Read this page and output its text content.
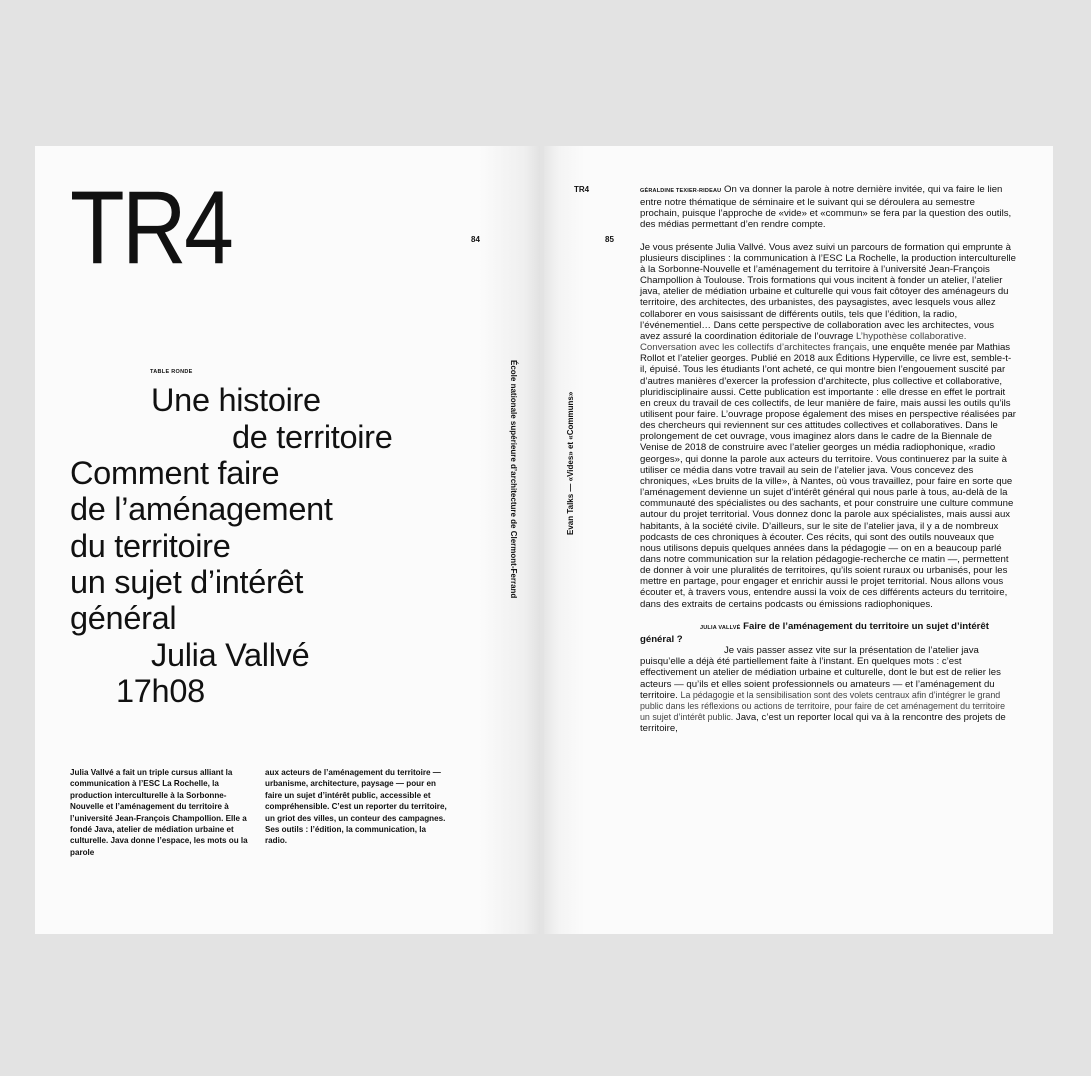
TR4	84
TABLE RONDE
Une histoire
de territoire
Comment faire
de l’aménagement
du territoire
un sujet d’intérêt
général
Julia Vallvé
17h08
École nationale supérieure d’architecture de Clermont-Ferrand
Julia Vallvé a fait un triple cursus alliant la communication à l’ESC La Rochelle, la production interculturelle à la Sorbonne-Nouvelle et l’aménagement du territoire à l’université Jean-François Champollion. Elle a fondé Java, atelier de médiation urbaine et culturelle. Java donne l’espace, les mots ou la parole
aux acteurs de l’aménagement du territoire — urbanisme, architecture, paysage — pour en faire un sujet d’intérêt public, accessible et compréhensible. C’est un reporter du territoire, un griot des villes, un conteur des campagnes. Ses outils : l’édition, la communication, la radio.
TR4
85
Evan Talks — «Vides» et «Communs»

GÉRALDINE TEXIER-RIDEAU On va donner la parole à notre dernière invitée, qui va faire le lien entre notre thématique de séminaire et le suivant qui se déroulera au semestre prochain, puisque l’approche de «vide» et «commun» se fera par la question des outils, des médias permettant d’en rendre compte.

Je vous présente Julia Vallvé. Vous avez suivi un parcours de formation qui emprunte à plusieurs disciplines : la communication à l’ESC La Rochelle, la production interculturelle à la Sorbonne-Nouvelle et l’aménagement du territoire à l’université Jean-François Champollion à Toulouse. Trois formations qui vous incitent à fonder un atelier, l’atelier java, atelier de médiation urbaine et culturelle qui vous fait côtoyer des aménageurs du territoire, des architectes, des urbanistes, des paysagistes, avec lesquels vous allez collaborer en vous saisissant de différents outils, tels que l’édition, la radio, l’événementiel… Dans cette perspective de collaboration avec les architectes, vous avez assuré la coordination éditoriale de l’ouvrage L’hypothèse collaborative. Conversation avec les collectifs d’architectes français, une enquête menée par Mathias Rollot et l’atelier georges. Publié en 2018 aux Éditions Hyperville, ce livre est, semble-t-il, épuisé. Tous les étudiants l’ont acheté, ce qui montre bien l’engouement suscité par d’autres manières d’exercer la profession d’architecte, plus collective et collaborative, pluridisciplinaire aussi. Cette publication est importante : elle dresse en effet le portrait en creux du travail de ces collectifs, de leur manière de faire, mais aussi les outils qu’ils utilisent pour faire. L’ouvrage propose également des mises en perspective réalisées par des chercheurs qui reviennent sur ces attitudes collectives et collaboratives. Dans le prolongement de cet ouvrage, vous imaginez alors dans le cadre de la Biennale de Venise de 2018 de construire avec l’atelier georges un média radiophonique, «radio georges», qui donne la parole aux acteurs du territoire. Vous continuerez par la suite à utiliser ce média dans votre travail au sein de l’atelier java. Vous concevez des chroniques, «Les bruits de la ville», à Nantes, où vous travaillez, pour faire en sorte que l’aménagement devienne un sujet d’intérêt général qui nous parle à tous, au-delà de la communauté des spécialistes ou des sachants, et pour construire une culture commune autour du projet territorial. Vous donnez donc la parole aux spécialistes, mais aussi aux habitants, à la société civile. D’ailleurs, sur le site de l’atelier java, il y a de nombreux podcasts de ces chroniques à écouter. Ces récits, qui sont des outils nouveaux que nous utilisons depuis quelques années dans la pédagogie — on en a beaucoup parlé dans notre communication sur la relation pédagogie-recherche ce matin —, permettent de donner à voir une pluralités de territoires, qu’ils soient ruraux ou urbanisés, pour les mettre en partage, pour engager et enrichir aussi le projet territorial. Nous allons vous écouter et, à travers vous, entendre aussi la voix de ces différents acteurs du territoire, dans des extraits de certains podcasts ou émissions radiophoniques.

JULIA VALLVÉ Faire de l’aménagement du territoire un sujet d’intérêt général ?

Je vais passer assez vite sur la présentation de l’atelier java puisqu’elle a déjà été partiellement faite à l’instant. En quelques mots : c’est effectivement un atelier de médiation urbaine et culturelle, dont le but est de relier les acteurs — qu’ils et elles soient professionnels ou amateurs — et l’aménagement du territoire. La pédagogie et la sensibilisation sont des volets centraux afin d’intégrer le grand public dans les réflexions ou actions de territoire, pour faire de cet aménagement du territoire un sujet d’intérêt public. Java, c’est un reporter local qui va à la rencontre des projets de territoire,
